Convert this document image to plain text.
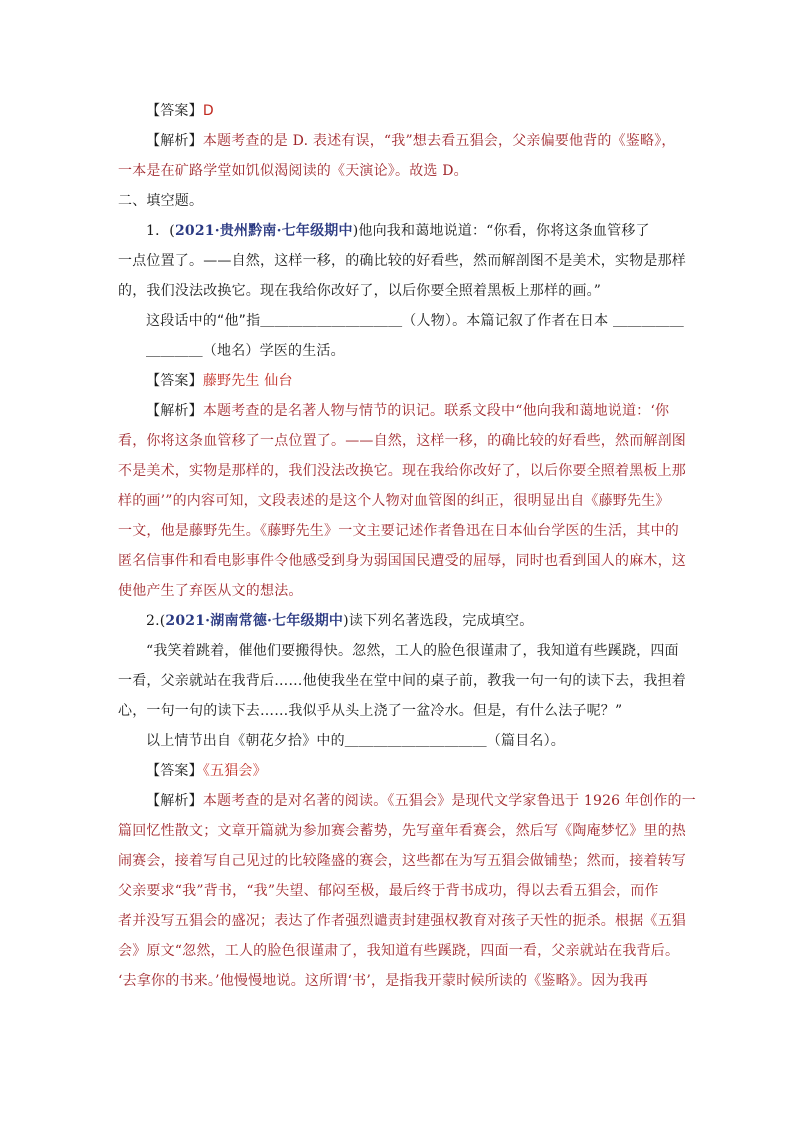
【答案】D
【解析】本题考查的是 D. 表述有误，“我”想去看五猖会，父亲偏要他背的《鉴略》，
一本是在矿路学堂如饥似渴阅读的《天演论》。故选 D。
二、填空题。
1．(2021·贵州黔南·七年级期中)他向我和蔼地说道：“你看，你将这条血管移了
一点位置了。——自然，这样一移，的确比较的好看些，然而解剖图不是美术，实物是那样
的，我们没法改换它。现在我给你改好了，以后你要全照着黑板上那样的画。”
这段话中的“他”指＿＿＿＿＿＿＿＿＿＿（人物）。本篇记叙了作者在日本 ＿＿＿＿＿
＿＿＿＿（地名）学医的生活。
【答案】藤野先生 仙台
【解析】本题考查的是名著人物与情节的识记。联系文段中“他向我和蔼地说道：‘你
看，你将这条血管移了一点位置了。——自然，这样一移，的确比较的好看些，然而解剖图
不是美术，实物是那样的，我们没法改换它。现在我给你改好了，以后你要全照着黑板上那
样的画’”的内容可知，文段表述的是这个人物对血管图的纠正，很明显出自《藤野先生》
一文，他是藤野先生。《藤野先生》一文主要记述作者鲁迅在日本仙台学医的生活，其中的
匿名信事件和看电影事件令他感受到身为弱国国民遭受的屈辱，同时也看到国人的麻木，这
使他产生了弃医从文的想法。
2.(2021·湖南常德·七年级期中)读下列名著选段，完成填空。
“我笑着跳着，催他们要搬得快。忽然，工人的脸色很谨肃了，我知道有些蹊跷，四面
一看，父亲就站在我背后……他使我坐在堂中间的桌子前，教我一句一句的读下去，我担着
心，一句一句的读下去……我似乎从头上浇了一盆冷水。但是，有什么法子呢？”
以上情节出自《朝花夕拾》中的＿＿＿＿＿＿＿＿＿＿（篇目名）。
【答案】《五猖会》
【解析】本题考查的是对名著的阅读。《五猖会》是现代文学家鲁迅于 1926 年创作的一
篇回忆性散文；文章开篇就为参加赛会蓄势，先写童年看赛会，然后写《陶庵梦忆》里的热
闹赛会，接着写自己见过的比较隆盛的赛会，这些都在为写五猖会做铺垫；然而，接着转写
父亲要求“我”背书，“我”失望、郁闷至极，最后终于背书成功，得以去看五猖会，而作
者并没写五猖会的盛况；表达了作者强烈谴责封建强权教育对孩子天性的扼杀。根据《五猖
会》原文“忽然，工人的脸色很谨肃了，我知道有些蹊跷，四面一看，父亲就站在我背后。
‘去拿你的书来。’他慢慢地说。这所谓‘书’，是指我开蒙时候所读的《鉴略》。因为我再
